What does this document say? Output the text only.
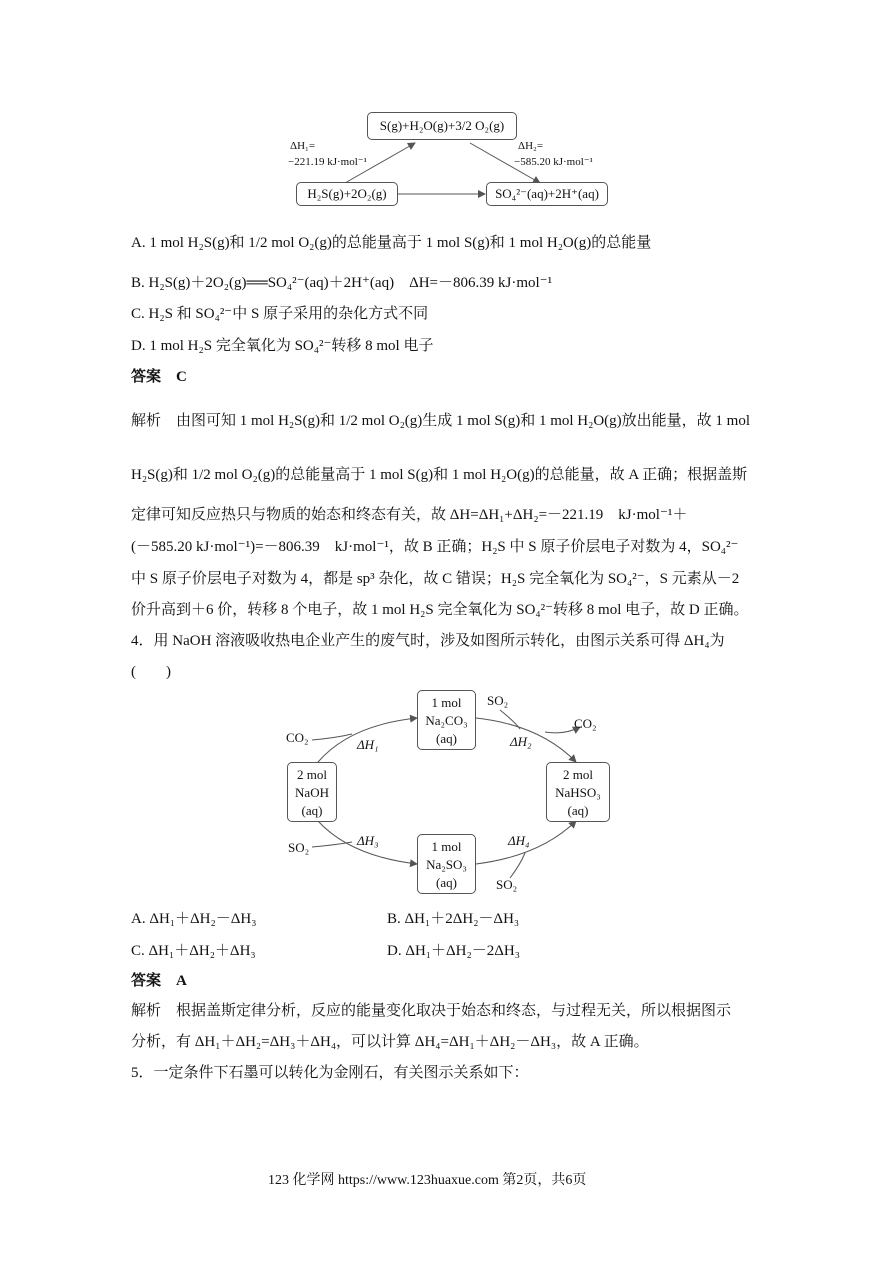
S(g)+H₂O(g)+3/2 O₂(g)
H₂S(g)+2O₂(g)	SO₄²⁻(aq)+2H⁺(aq)
ΔH₁=
−221.19 kJ·mol⁻¹
ΔH₂=
−585.20 kJ·mol⁻¹
A. 1 mol H₂S(g)和 1/2 mol O₂(g)的总能量高于 1 mol S(g)和 1 mol H₂O(g)的总能量
B. H₂S(g)＋2O₂(g)══SO₄²⁻(aq)＋2H⁺(aq)　ΔH=－806.39 kJ·mol⁻¹
C. H₂S 和 SO₄²⁻中 S 原子采用的杂化方式不同
D. 1 mol H₂S 完全氧化为 SO₄²⁻转移 8 mol 电子
答案　C
解析　由图可知 1 mol H₂S(g)和 1/2 mol O₂(g)生成 1 mol S(g)和 1 mol H₂O(g)放出能量，故 1 mol
H₂S(g)和 1/2 mol O₂(g)的总能量高于 1 mol S(g)和 1 mol H₂O(g)的总能量，故 A 正确；根据盖斯
定律可知反应热只与物质的始态和终态有关，故 ΔH=ΔH₁+ΔH₂=－221.19　kJ·mol⁻¹＋
(－585.20 kJ·mol⁻¹)=－806.39　kJ·mol⁻¹，故 B 正确；H₂S 中 S 原子价层电子对数为 4，SO₄²⁻
中 S 原子价层电子对数为 4，都是 sp³ 杂化，故 C 错误；H₂S 完全氧化为 SO₄²⁻，S 元素从－2
价升高到＋6 价，转移 8 个电子，故 1 mol H₂S 完全氧化为 SO₄²⁻转移 8 mol 电子，故 D 正确。
4．用 NaOH 溶液吸收热电企业产生的废气时，涉及如图所示转化，由图示关系可得 ΔH₄为
(　　)
1 mol
Na₂CO₃
(aq)
2 mol
NaOH
(aq)
2 mol
NaHSO₃
(aq)
1 mol
Na₂SO₃
(aq)
CO₂
SO₂
CO₂
SO₂
SO₂
ΔH₁	ΔH₂
ΔH₃	ΔH₄
A. ΔH₁＋ΔH₂－ΔH₃	B. ΔH₁＋2ΔH₂－ΔH₃
C. ΔH₁＋ΔH₂＋ΔH₃	D. ΔH₁＋ΔH₂－2ΔH₃
答案　A
解析　根据盖斯定律分析，反应的能量变化取决于始态和终态，与过程无关，所以根据图示
分析，有 ΔH₁＋ΔH₂=ΔH₃＋ΔH₄，可以计算 ΔH₄=ΔH₁＋ΔH₂－ΔH₃，故 A 正确。
5．一定条件下石墨可以转化为金刚石，有关图示关系如下：
123 化学网 https://www.123huaxue.com 第2页，共6页
